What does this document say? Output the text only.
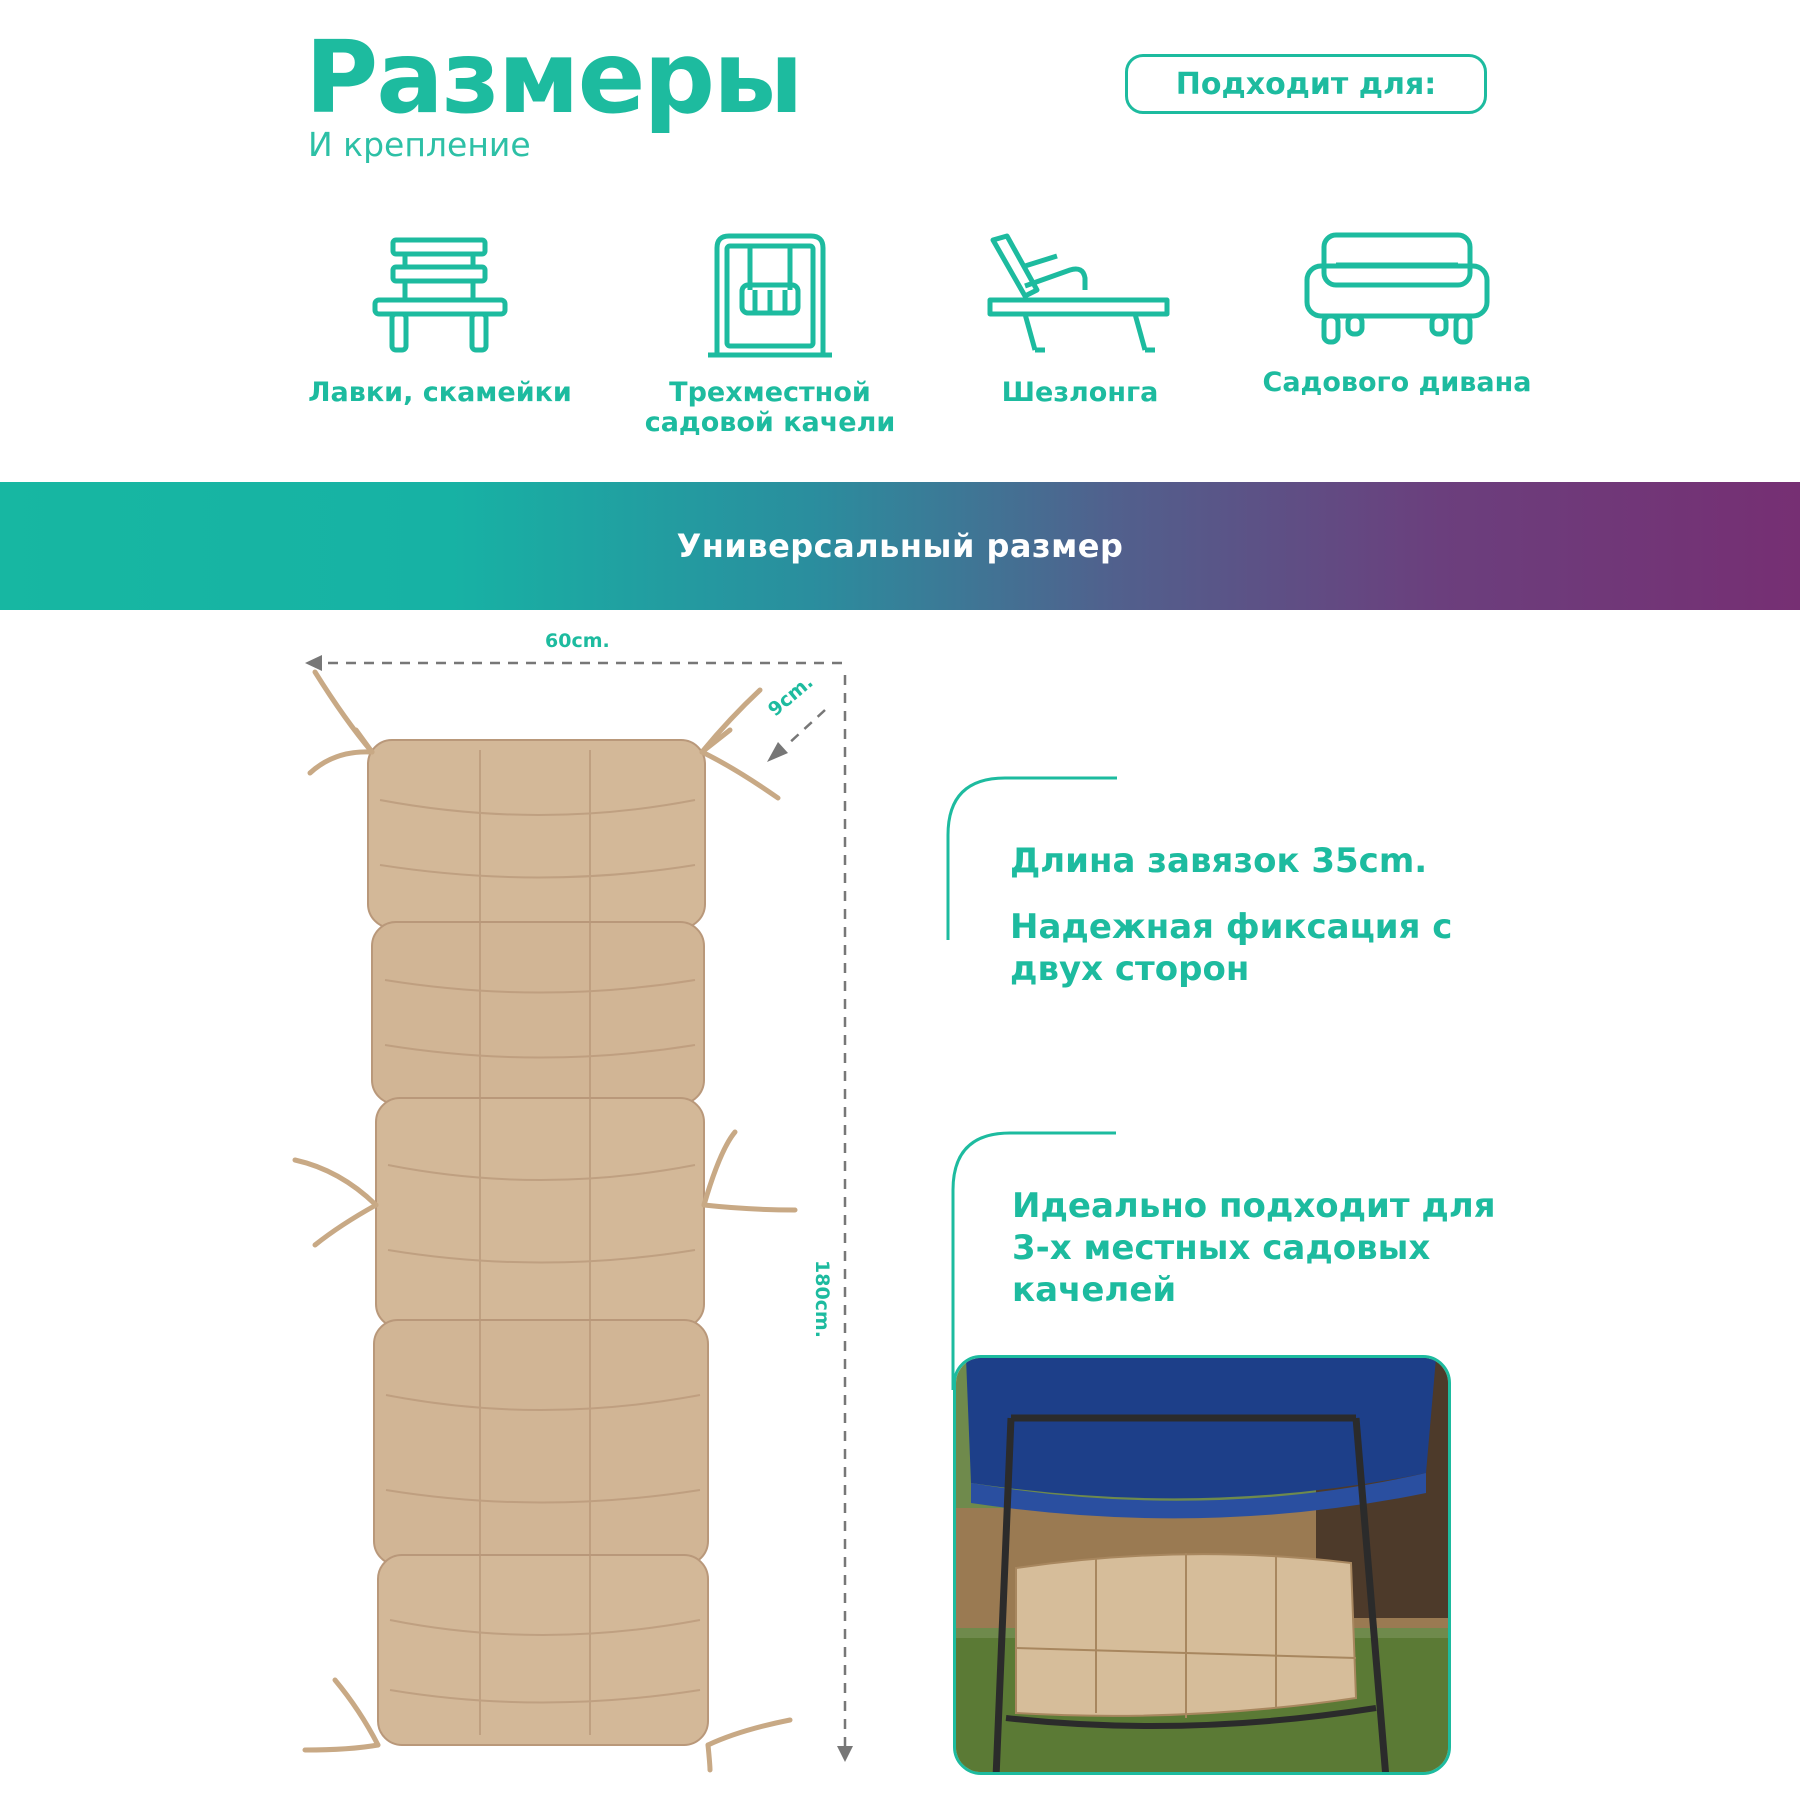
Размеры
И крепление
Подходит для:
Лавки, скамейки	Трехместной садовой качели
Шезлонга	Садового дивана
Универсальный размер
60cm.
9cm.
180cm.
Длина завязок 35cm.
Надежная фиксация с двух сторон
Идеально подходит для 3-х местных садовых качелей
